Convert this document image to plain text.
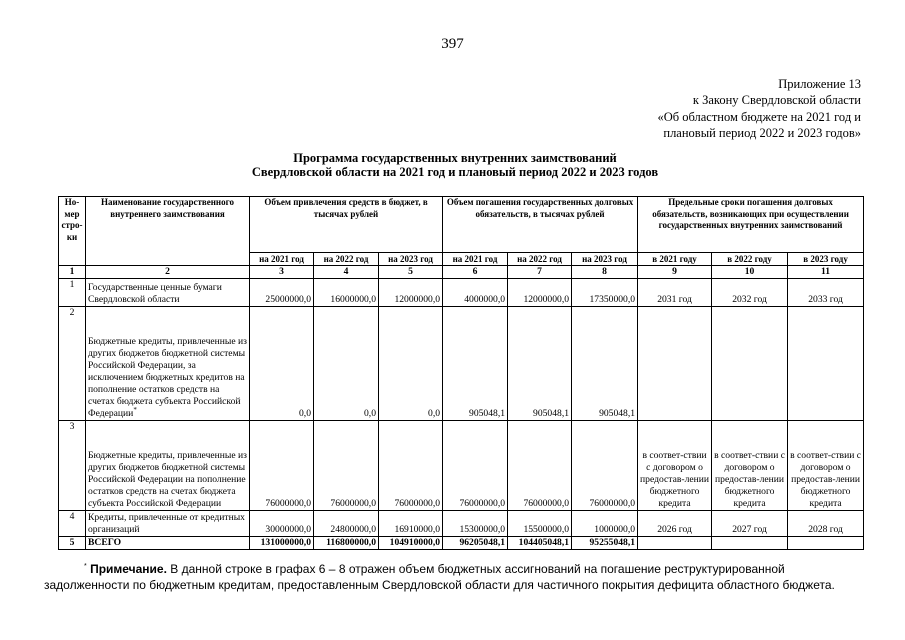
397
Приложение 13
к Закону Свердловской области
«Об областном бюджете на 2021 год и
плановый период 2022 и 2023 годов»
Программа государственных внутренних заимствований
Свердловской области на 2021 год и плановый период 2022 и 2023 годов
Но-мер стро-ки	Наименование государственного внутреннего заимствования	Объем привлечения средств в бюджет, в тысячах рублей			Объем погашения государственных долговых обязательств, в тысячах рублей			Предельные сроки погашения долговых обязательств, возникающих при осуществлении государственных внутренних заимствований		
		на 2021 год	на 2022 год	на 2023 год	на 2021 год	на 2022 год	на 2023 год	в 2021 году	в 2022 году	в 2023 году
1	2	3	4	5	6	7	8	9	10	11
1	Государственные ценные бумаги Свердловской области	25000000,0	16000000,0	12000000,0	4000000,0	12000000,0	17350000,0	2031 год	2032 год	2033 год
2	Бюджетные кредиты, привлеченные из других бюджетов бюджетной системы Российской Федерации, за исключением бюджетных кредитов на пополнение остатков средств на счетах бюджета субъекта Российской Федерации*	0,0	0,0	0,0	905048,1	905048,1	905048,1			
3	Бюджетные кредиты, привлеченные из других бюджетов бюджетной системы Российской Федерации на пополнение остатков средств на счетах бюджета субъекта Российской Федерации	76000000,0	76000000,0	76000000,0	76000000,0	76000000,0	76000000,0	в соответ-ствии с договором о предостав-лении бюджетного кредита	в соответ-ствии с договором о предостав-лении бюджетного кредита	в соответ-ствии с договором о предостав-лении бюджетного кредита
4	Кредиты, привлеченные от кредитных организаций	30000000,0	24800000,0	16910000,0	15300000,0	15500000,0	1000000,0	2026 год	2027 год	2028 год
5	ВСЕГО	131000000,0	116800000,0	104910000,0	96205048,1	104405048,1	95255048,1			
* Примечание. В данной строке в графах 6 – 8 отражен объем бюджетных ассигнований на погашение реструктурированной
задолженности по бюджетным кредитам, предоставленным Свердловской области для частичного покрытия дефицита областного бюджета.
